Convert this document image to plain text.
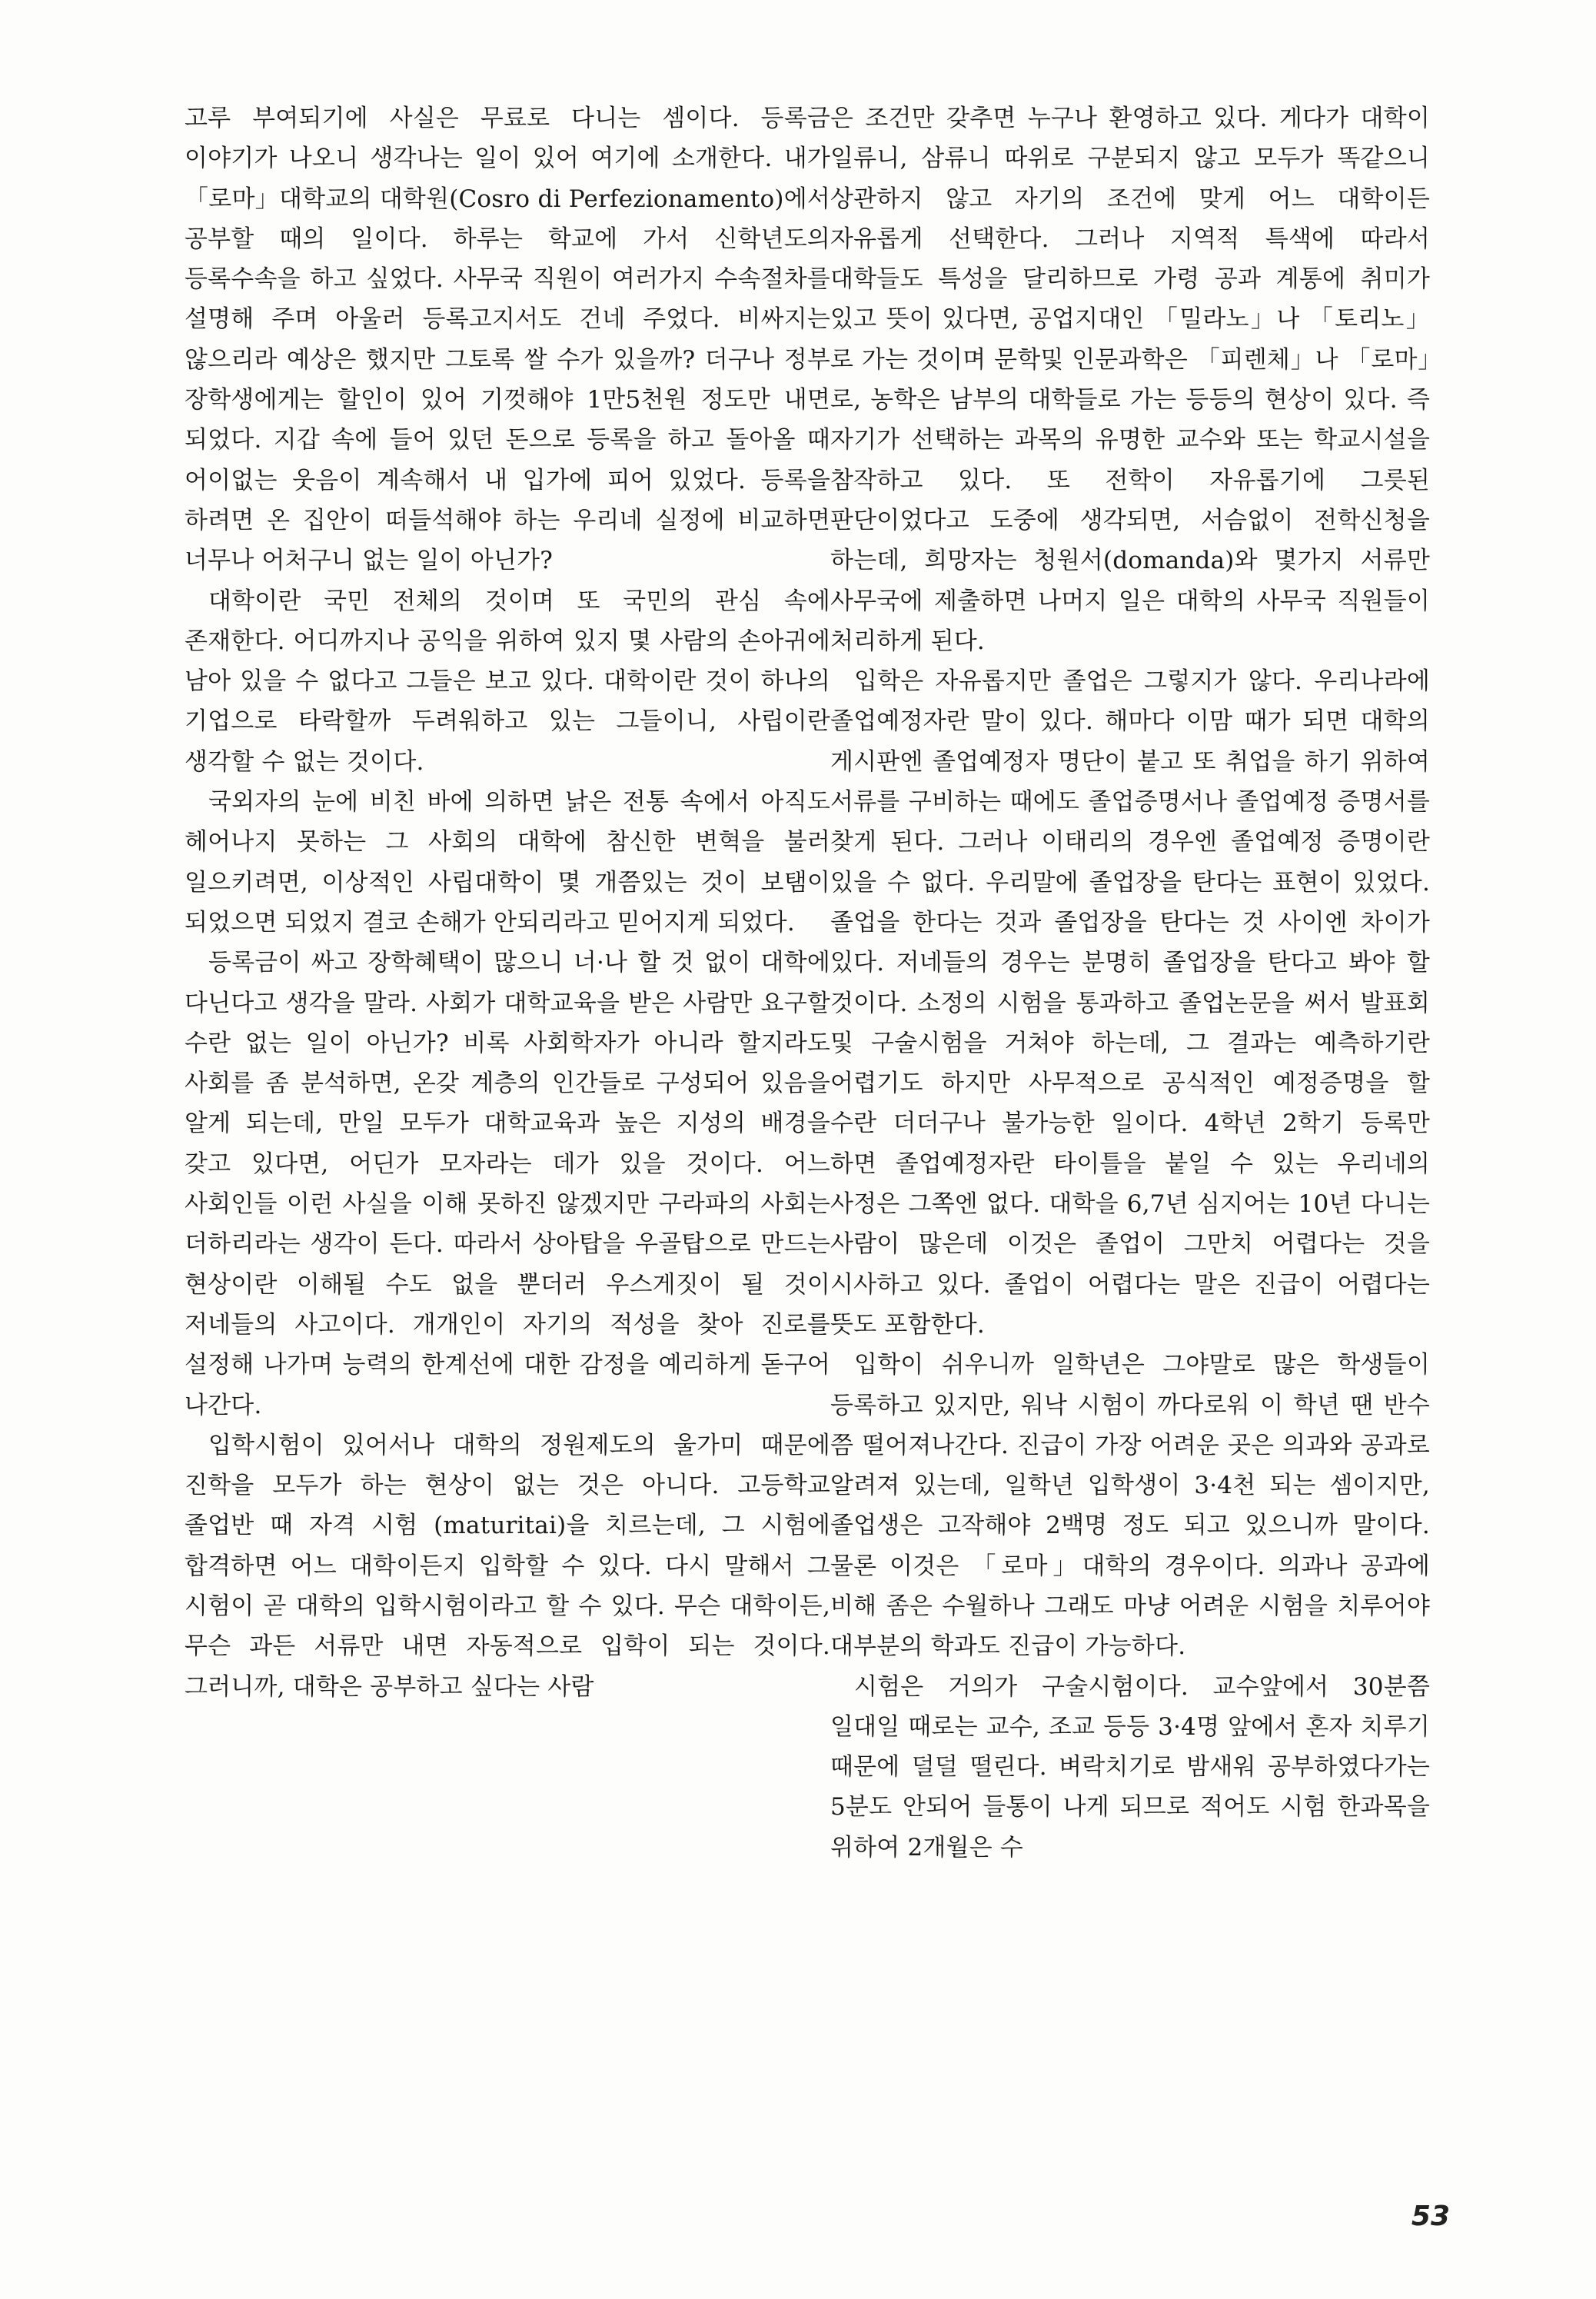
고루 부여되기에 사실은 무료로 다니는 셈이다. 등록금 이야기가 나오니 생각나는 일이 있어 여기에 소개한다. 내가 「로마」대학교의 대학원(Cosro di Perfezionamento)에서 공부할 때의 일이다. 하루는 학교에 가서 신학년도의 등록수속을 하고 싶었다. 사무국 직원이 여러가지 수속절차를 설명해 주며 아울러 등록고지서도 건네 주었다. 비싸지는 않으리라 예상은 했지만 그토록 쌀 수가 있을까? 더구나 정부 장학생에게는 할인이 있어 기껏해야 1만5천원 정도만 내면 되었다. 지갑 속에 들어 있던 돈으로 등록을 하고 돌아올 때 어이없는 웃음이 계속해서 내 입가에 피어 있었다. 등록을 하려면 온 집안이 떠들석해야 하는 우리네 실정에 비교하면 너무나 어처구니 없는 일이 아닌가?

대학이란 국민 전체의 것이며 또 국민의 관심 속에 존재한다. 어디까지나 공익을 위하여 있지 몇 사람의 손아귀에 남아 있을 수 없다고 그들은 보고 있다. 대학이란 것이 하나의 기업으로 타락할까 두려워하고 있는 그들이니, 사립이란 생각할 수 없는 것이다.

국외자의 눈에 비친 바에 의하면 낡은 전통 속에서 아직도 헤어나지 못하는 그 사회의 대학에 참신한 변혁을 불러 일으키려면, 이상적인 사립대학이 몇 개쯤있는 것이 보탬이 되었으면 되었지 결코 손해가 안되리라고 믿어지게 되었다.

등록금이 싸고 장학혜택이 많으니 너·나 할 것 없이 대학에 다닌다고 생각을 말라. 사회가 대학교육을 받은 사람만 요구할 수란 없는 일이 아닌가? 비록 사회학자가 아니라 할지라도 사회를 좀 분석하면, 온갖 계층의 인간들로 구성되어 있음을 알게 되는데, 만일 모두가 대학교육과 높은 지성의 배경을 갖고 있다면, 어딘가 모자라는 데가 있을 것이다. 어느 사회인들 이런 사실을 이해 못하진 않겠지만 구라파의 사회는 더하리라는 생각이 든다. 따라서 상아탑을 우골탑으로 만드는 현상이란 이해될 수도 없을 뿐더러 우스게짓이 될 것이 저네들의 사고이다. 개개인이 자기의 적성을 찾아 진로를 설정해 나가며 능력의 한계선에 대한 감정을 예리하게 돋구어 나간다.

입학시험이 있어서나 대학의 정원제도의 울가미 때문에 진학을 모두가 하는 현상이 없는 것은 아니다. 고등학교 졸업반 때 자격 시험 (maturitai)을 치르는데, 그 시험에 합격하면 어느 대학이든지 입학할 수 있다. 다시 말해서 그 시험이 곧 대학의 입학시험이라고 할 수 있다. 무슨 대학이든, 무슨 과든 서류만 내면 자동적으로 입학이 되는 것이다. 그러니까, 대학은 공부하고 싶다는 사람

은 조건만 갖추면 누구나 환영하고 있다. 게다가 대학이 일류니, 삼류니 따위로 구분되지 않고 모두가 똑같으니 상관하지 않고 자기의 조건에 맞게 어느 대학이든 자유롭게 선택한다. 그러나 지역적 특색에 따라서 대학들도 특성을 달리하므로 가령 공과 계통에 취미가 있고 뜻이 있다면, 공업지대인 「밀라노」나 「토리노」로 가는 것이며 문학및 인문과학은 「피렌체」나 「로마」로, 농학은 남부의 대학들로 가는 등등의 현상이 있다. 즉 자기가 선택하는 과목의 유명한 교수와 또는 학교시설을 참작하고 있다. 또 전학이 자유롭기에 그릇된 판단이었다고 도중에 생각되면, 서슴없이 전학신청을 하는데, 희망자는 청원서(domanda)와 몇가지 서류만 사무국에 제출하면 나머지 일은 대학의 사무국 직원들이 처리하게 된다.

입학은 자유롭지만 졸업은 그렇지가 않다. 우리나라에 졸업예정자란 말이 있다. 해마다 이맘 때가 되면 대학의 게시판엔 졸업예정자 명단이 붙고 또 취업을 하기 위하여 서류를 구비하는 때에도 졸업증명서나 졸업예정 증명서를 찾게 된다. 그러나 이태리의 경우엔 졸업예정 증명이란 있을 수 없다. 우리말에 졸업장을 탄다는 표현이 있었다. 졸업을 한다는 것과 졸업장을 탄다는 것 사이엔 차이가 있다. 저네들의 경우는 분명히 졸업장을 탄다고 봐야 할 것이다. 소정의 시험을 통과하고 졸업논문을 써서 발표회 및 구술시험을 거쳐야 하는데, 그 결과는 예측하기란 어렵기도 하지만 사무적으로 공식적인 예정증명을 할 수란 더더구나 불가능한 일이다. 4학년 2학기 등록만 하면 졸업예정자란 타이틀을 붙일 수 있는 우리네의 사정은 그쪽엔 없다. 대학을 6,7년 심지어는 10년 다니는 사람이 많은데 이것은 졸업이 그만치 어렵다는 것을 시사하고 있다. 졸업이 어렵다는 말은 진급이 어렵다는 뜻도 포함한다.

입학이 쉬우니까 일학년은 그야말로 많은 학생들이 등록하고 있지만, 워낙 시험이 까다로워 이 학년 땐 반수 쯤 떨어져나간다. 진급이 가장 어려운 곳은 의과와 공과로 알려져 있는데, 일학년 입학생이 3·4천 되는 셈이지만, 졸업생은 고작해야 2백명 정도 되고 있으니까 말이다. 물론 이것은 「로마」대학의 경우이다. 의과나 공과에 비해 좀은 수월하나 그래도 마냥 어려운 시험을 치루어야 대부분의 학과도 진급이 가능하다.

시험은 거의가 구술시험이다. 교수앞에서 30분쯤 일대일 때로는 교수, 조교 등등 3·4명 앞에서 혼자 치루기 때문에 덜덜 떨린다. 벼락치기로 밤새워 공부하였다가는 5분도 안되어 들통이 나게 되므로 적어도 시험 한과목을 위하여 2개월은 수

53
